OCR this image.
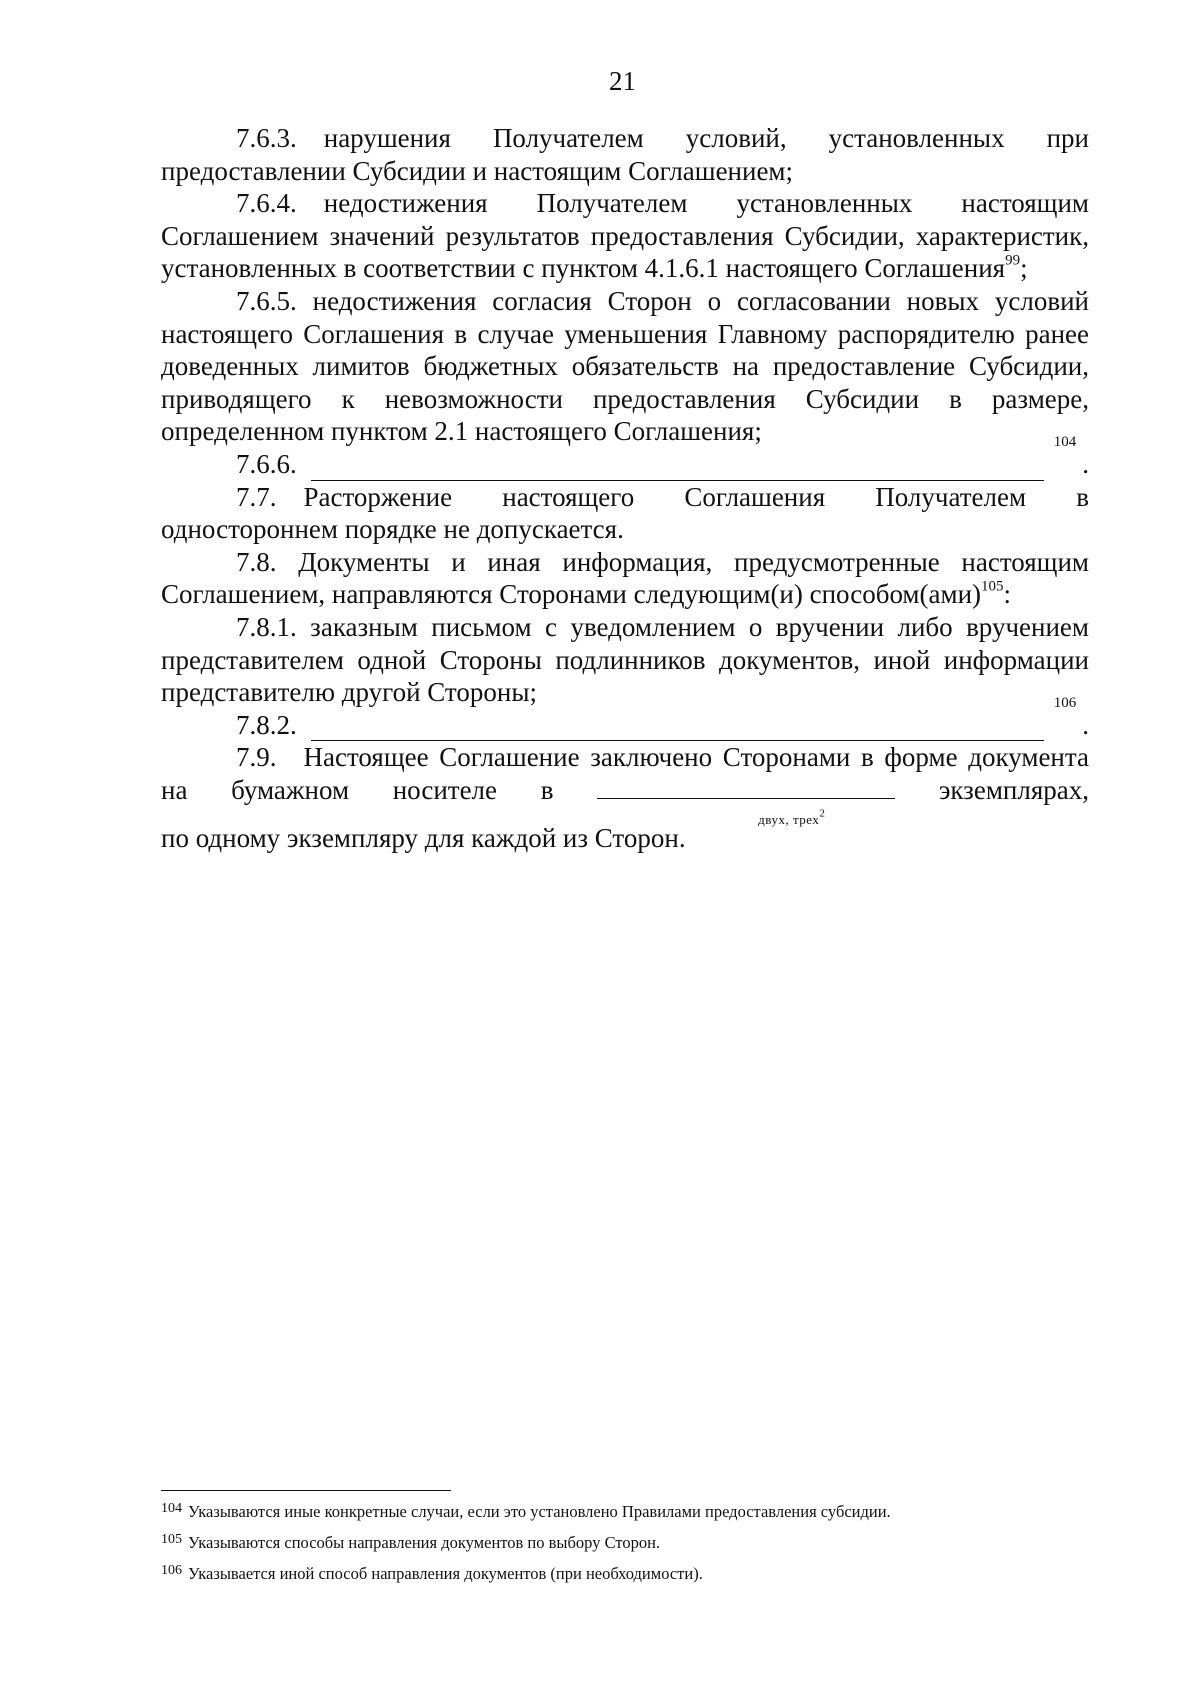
21

7.6.3. нарушения Получателем условий, установленных при предоставлении Субсидии и настоящим Соглашением;

7.6.4. недостижения Получателем установленных настоящим Соглашением значений результатов предоставления Субсидии, характеристик, установленных в соответствии с пунктом 4.1.6.1 настоящего Соглашения$^{99}$;

7.6.5. недостижения согласия Сторон о согласовании новых условий настоящего Соглашения в случае уменьшения Главному распорядителю ранее доведенных лимитов бюджетных обязательств на предоставление Субсидии, приводящего к невозможности предоставления Субсидии в размере, определенном пунктом 2.1 настоящего Соглашения;

7.6.6.
104
.

7.7. Расторжение настоящего Соглашения Получателем в одностороннем порядке не допускается.

7.8. Документы и иная информация, предусмотренные настоящим Соглашением, направляются Сторонами следующим(и) способом(ами)$^{105}$:

7.8.1. заказным письмом с уведомлением о вручении либо вручением представителем одной Стороны подлинников документов, иной информации представителю другой Стороны;

7.8.2.
106
.

7.9. Настоящее Соглашение заключено Сторонами в форме документа на бумажном носителе в
двух, трех$^2$
экземплярах,

по одному экземпляру для каждой из Сторон.

$^{104}$ Указываются иные конкретные случаи, если это установлено Правилами предоставления субсидии.
$^{105}$ Указываются способы направления документов по выбору Сторон.
$^{106}$ Указывается иной способ направления документов (при необходимости).
